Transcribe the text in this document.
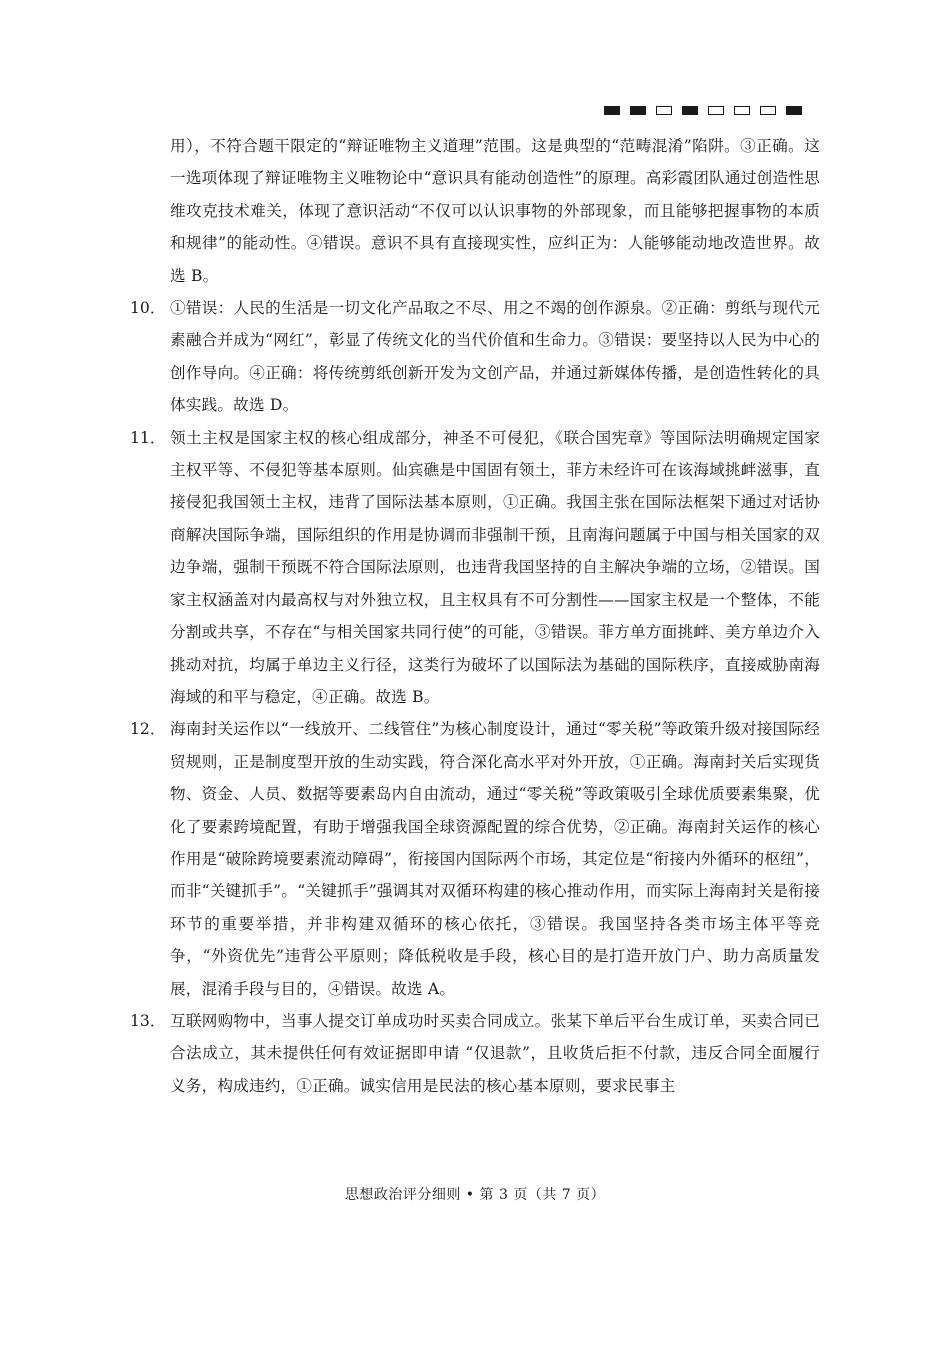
用），不符合题干限定的“辩证唯物主义道理”范围。这是典型的“范畴混淆”陷阱。③正确。这一选项体现了辩证唯物主义唯物论中“意识具有能动创造性”的原理。高彩霞团队通过创造性思维攻克技术难关，体现了意识活动“不仅可以认识事物的外部现象，而且能够把握事物的本质和规律”的能动性。④错误。意识不具有直接现实性，应纠正为：人能够能动地改造世界。故选 B。
10． ①错误：人民的生活是一切文化产品取之不尽、用之不竭的创作源泉。②正确：剪纸与现代元素融合并成为“网红”，彰显了传统文化的当代价值和生命力。③错误：要坚持以人民为中心的创作导向。④正确：将传统剪纸创新开发为文创产品，并通过新媒体传播，是创造性转化的具体实践。故选 D。
11． 领土主权是国家主权的核心组成部分，神圣不可侵犯，《联合国宪章》等国际法明确规定国家主权平等、不侵犯等基本原则。仙宾礁是中国固有领土，菲方未经许可在该海域挑衅滋事，直接侵犯我国领土主权，违背了国际法基本原则，①正确。我国主张在国际法框架下通过对话协商解决国际争端，国际组织的作用是协调而非强制干预，且南海问题属于中国与相关国家的双边争端，强制干预既不符合国际法原则，也违背我国坚持的自主解决争端的立场，②错误。国家主权涵盖对内最高权与对外独立权，且主权具有不可分割性——国家主权是一个整体，不能分割或共享，不存在“与相关国家共同行使”的可能，③错误。菲方单方面挑衅、美方单边介入挑动对抗，均属于单边主义行径，这类行为破坏了以国际法为基础的国际秩序，直接威胁南海海域的和平与稳定，④正确。故选 B。
12． 海南封关运作以“一线放开、二线管住”为核心制度设计，通过“零关税”等政策升级对接国际经贸规则，正是制度型开放的生动实践，符合深化高水平对外开放，①正确。海南封关后实现货物、资金、人员、数据等要素岛内自由流动，通过“零关税”等政策吸引全球优质要素集聚，优化了要素跨境配置，有助于增强我国全球资源配置的综合优势，②正确。海南封关运作的核心作用是“破除跨境要素流动障碍”，衔接国内国际两个市场，其定位是“衔接内外循环的枢纽”，而非“关键抓手”。“关键抓手”强调其对双循环构建的核心推动作用，而实际上海南封关是衔接环节的重要举措，并非构建双循环的核心依托，③错误。我国坚持各类市场主体平等竞争，“外资优先”违背公平原则；降低税收是手段，核心目的是打造开放门户、助力高质量发展，混淆手段与目的，④错误。故选 A。
13． 互联网购物中，当事人提交订单成功时买卖合同成立。张某下单后平台生成订单，买卖合同已合法成立，其未提供任何有效证据即申请 “仅退款”，且收货后拒不付款，违反合同全面履行义务，构成违约，①正确。诚实信用是民法的核心基本原则，要求民事主
思想政治评分细则 • 第 3 页（共 7 页）
